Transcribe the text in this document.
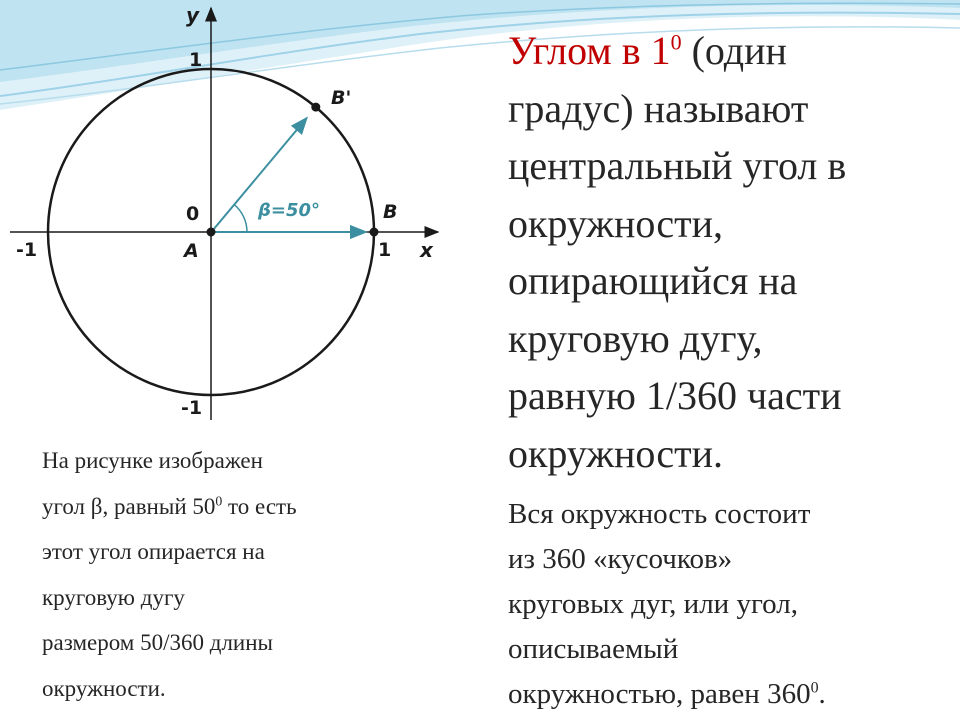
y
x
1
-1
1
-1
0
A
B
B'
β=50°
Углом в $1^0$ (один
градус) называют
центральный угол в
окружности,
опирающийся на
круговую дугу,
равную 1/360 части
окружности.
На рисунке изображен
угол β, равный $50^0$ то есть
этот угол опирается на
круговую дугу
размером 50/360 длины
окружности.
Вся окружность состоит
из 360 «кусочков»
круговых дуг, или угол,
описываемый
окружностью, равен $360^0$.
